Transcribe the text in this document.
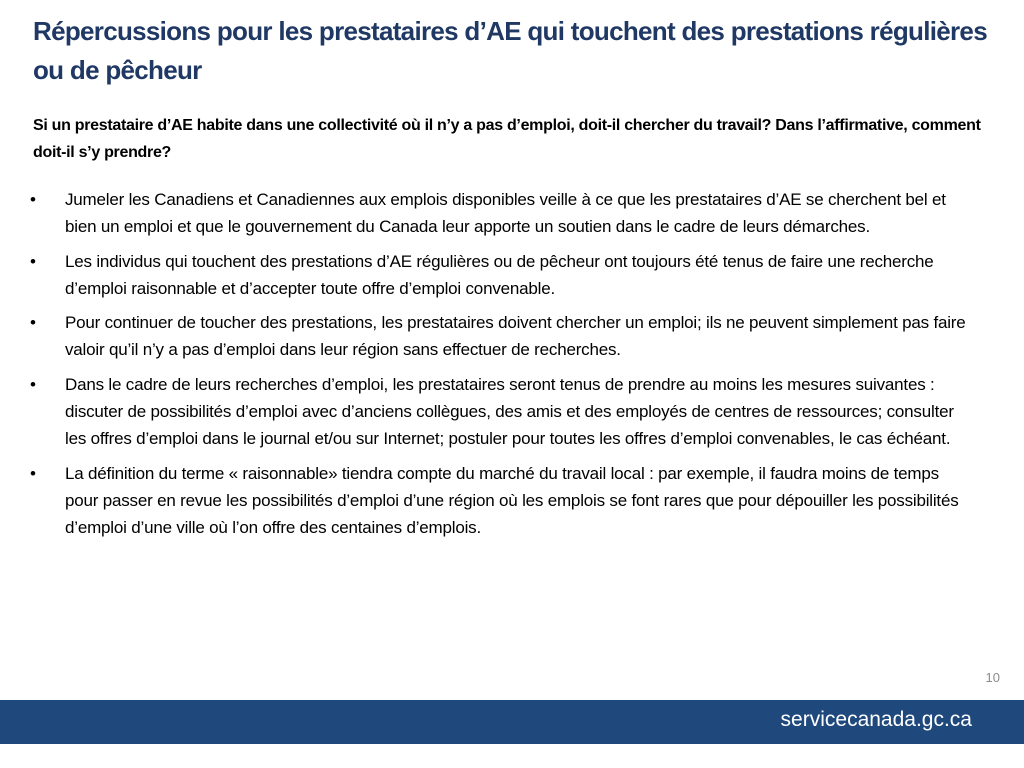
Répercussions pour les prestataires d’AE qui touchent des prestations régulières ou de pêcheur

Si un prestataire d’AE habite dans une collectivité où il n’y a pas d’emploi, doit-il chercher du travail? Dans l’affirmative, comment doit-il s’y prendre?

• Jumeler les Canadiens et Canadiennes aux emplois disponibles veille à ce que les prestataires d’AE se cherchent bel et bien un emploi et que le gouvernement du Canada leur apporte un soutien dans le cadre de leurs démarches.
• Les individus qui touchent des prestations d’AE régulières ou de pêcheur ont toujours été tenus de faire une recherche d’emploi raisonnable et d’accepter toute offre d’emploi convenable.
• Pour continuer de toucher des prestations, les prestataires doivent chercher un emploi; ils ne peuvent simplement pas faire valoir qu’il n’y a pas d’emploi dans leur région sans effectuer de recherches.
• Dans le cadre de leurs recherches d’emploi, les prestataires seront tenus de prendre au moins les mesures suivantes : discuter de possibilités d’emploi avec d’anciens collègues, des amis et des employés de centres de ressources; consulter les offres d’emploi dans le journal et/ou sur Internet; postuler pour toutes les offres d’emploi convenables, le cas échéant.
• La définition du terme « raisonnable» tiendra compte du marché du travail local : par exemple, il faudra moins de temps pour passer en revue les possibilités d’emploi d’une région où les emplois se font rares que pour dépouiller les possibilités d’emploi d’une ville où l’on offre des centaines d’emplois.
10
servicecanada.gc.ca
